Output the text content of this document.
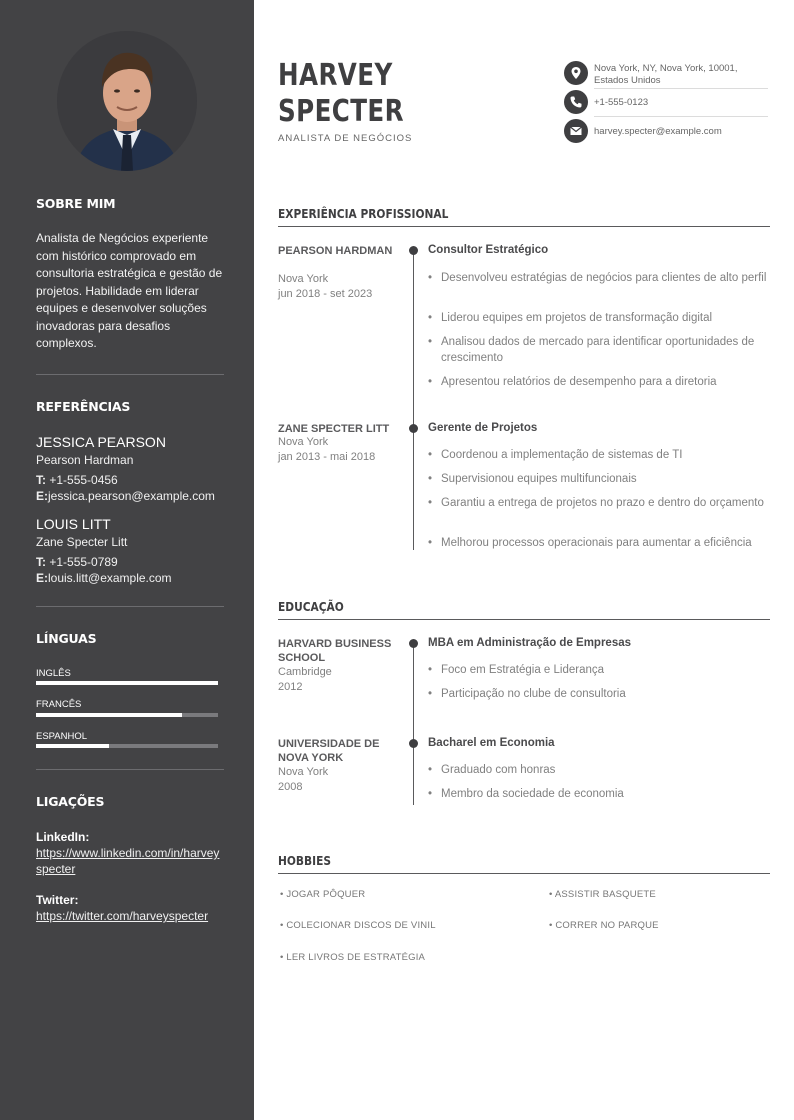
SOBRE MIM
Analista de Negócios experiente com histórico comprovado em consultoria estratégica e gestão de projetos. Habilidade em liderar equipes e desenvolver soluções inovadoras para desafios complexos.
REFERÊNCIAS
JESSICA PEARSON
Pearson Hardman
T: +1-555-0456
E:jessica.pearson@example.com
LOUIS LITT
Zane Specter Litt
T: +1-555-0789
E:louis.litt@example.com
LÍNGUAS
INGLÊS
FRANCÊS
ESPANHOL
LIGAÇÕES
LinkedIn:
https://www.linkedin.com/in/harveyspecter
Twitter:
https://twitter.com/harveyspecter
HARVEY
SPECTER
ANALISTA DE NEGÓCIOS
Nova York, NY, Nova York, 10001,
Estados Unidos
+1-555-0123
harvey.specter@example.com
EXPERIÊNCIA PROFISSIONAL
PEARSON HARDMAN
Nova York
jun 2018 - set 2023
Consultor Estratégico
• Desenvolveu estratégias de negócios para clientes de alto perfil
• Liderou equipes em projetos de transformação digital
• Analisou dados de mercado para identificar oportunidades de crescimento
• Apresentou relatórios de desempenho para a diretoria
ZANE SPECTER LITT
Nova York
jan 2013 - mai 2018
Gerente de Projetos
• Coordenou a implementação de sistemas de TI
• Supervisionou equipes multifuncionais
• Garantiu a entrega de projetos no prazo e dentro do orçamento
• Melhorou processos operacionais para aumentar a eficiência
EDUCAÇÃO
HARVARD BUSINESS SCHOOL
Cambridge
2012
MBA em Administração de Empresas
• Foco em Estratégia e Liderança
• Participação no clube de consultoria
UNIVERSIDADE DE NOVA YORK
Nova York
2008
Bacharel em Economia
• Graduado com honras
• Membro da sociedade de economia
HOBBIES
• JOGAR PÔQUER	• ASSISTIR BASQUETE
• COLECIONAR DISCOS DE VINIL	• CORRER NO PARQUE
• LER LIVROS DE ESTRATÉGIA
